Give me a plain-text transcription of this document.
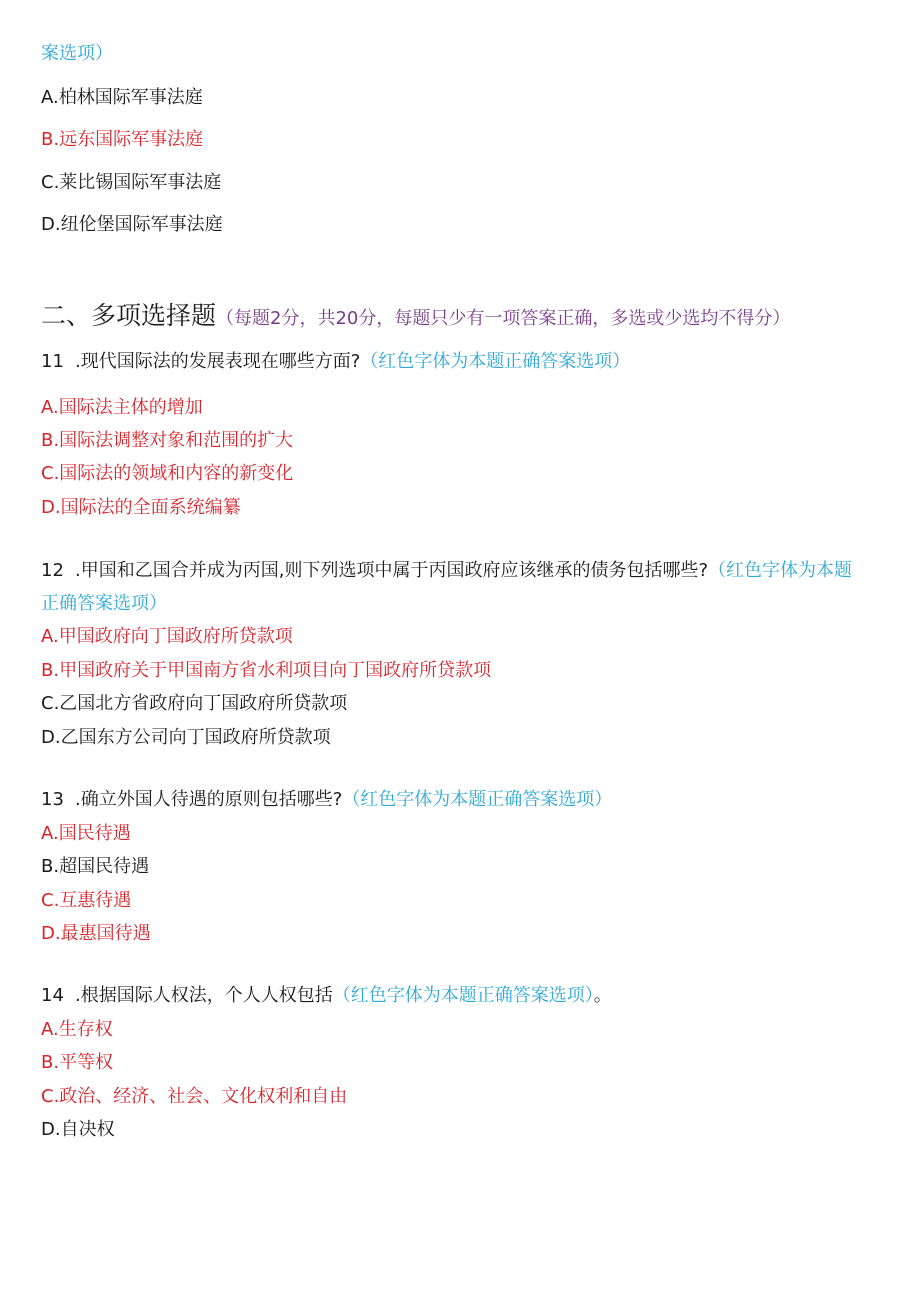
案选项）
A.柏林国际军事法庭
B.远东国际军事法庭
C.莱比锡国际军事法庭
D.纽伦堡国际军事法庭
二、多项选择题（每题2分，共20分，每题只少有一项答案正确，多选或少选均不得分）
11 .现代国际法的发展表现在哪些方面?（红色字体为本题正确答案选项）
A.国际法主体的增加
B.国际法调整对象和范围的扩大
C.国际法的领域和内容的新变化
D.国际法的全面系统编纂
12 .甲国和乙国合并成为丙国,则下列选项中属于丙国政府应该继承的债务包括哪些?（红色字体为本题
正确答案选项）
A.甲国政府向丁国政府所贷款项
B.甲国政府关于甲国南方省水利项目向丁国政府所贷款项
C.乙国北方省政府向丁国政府所贷款项
D.乙国东方公司向丁国政府所贷款项
13 .确立外国人待遇的原则包括哪些?（红色字体为本题正确答案选项）
A.国民待遇
B.超国民待遇
C.互惠待遇
D.最惠国待遇
14 .根据国际人权法，个人人权包括（红色字体为本题正确答案选项）。
A.生存权
B.平等权
C.政治、经济、社会、文化权利和自由
D.自决权
